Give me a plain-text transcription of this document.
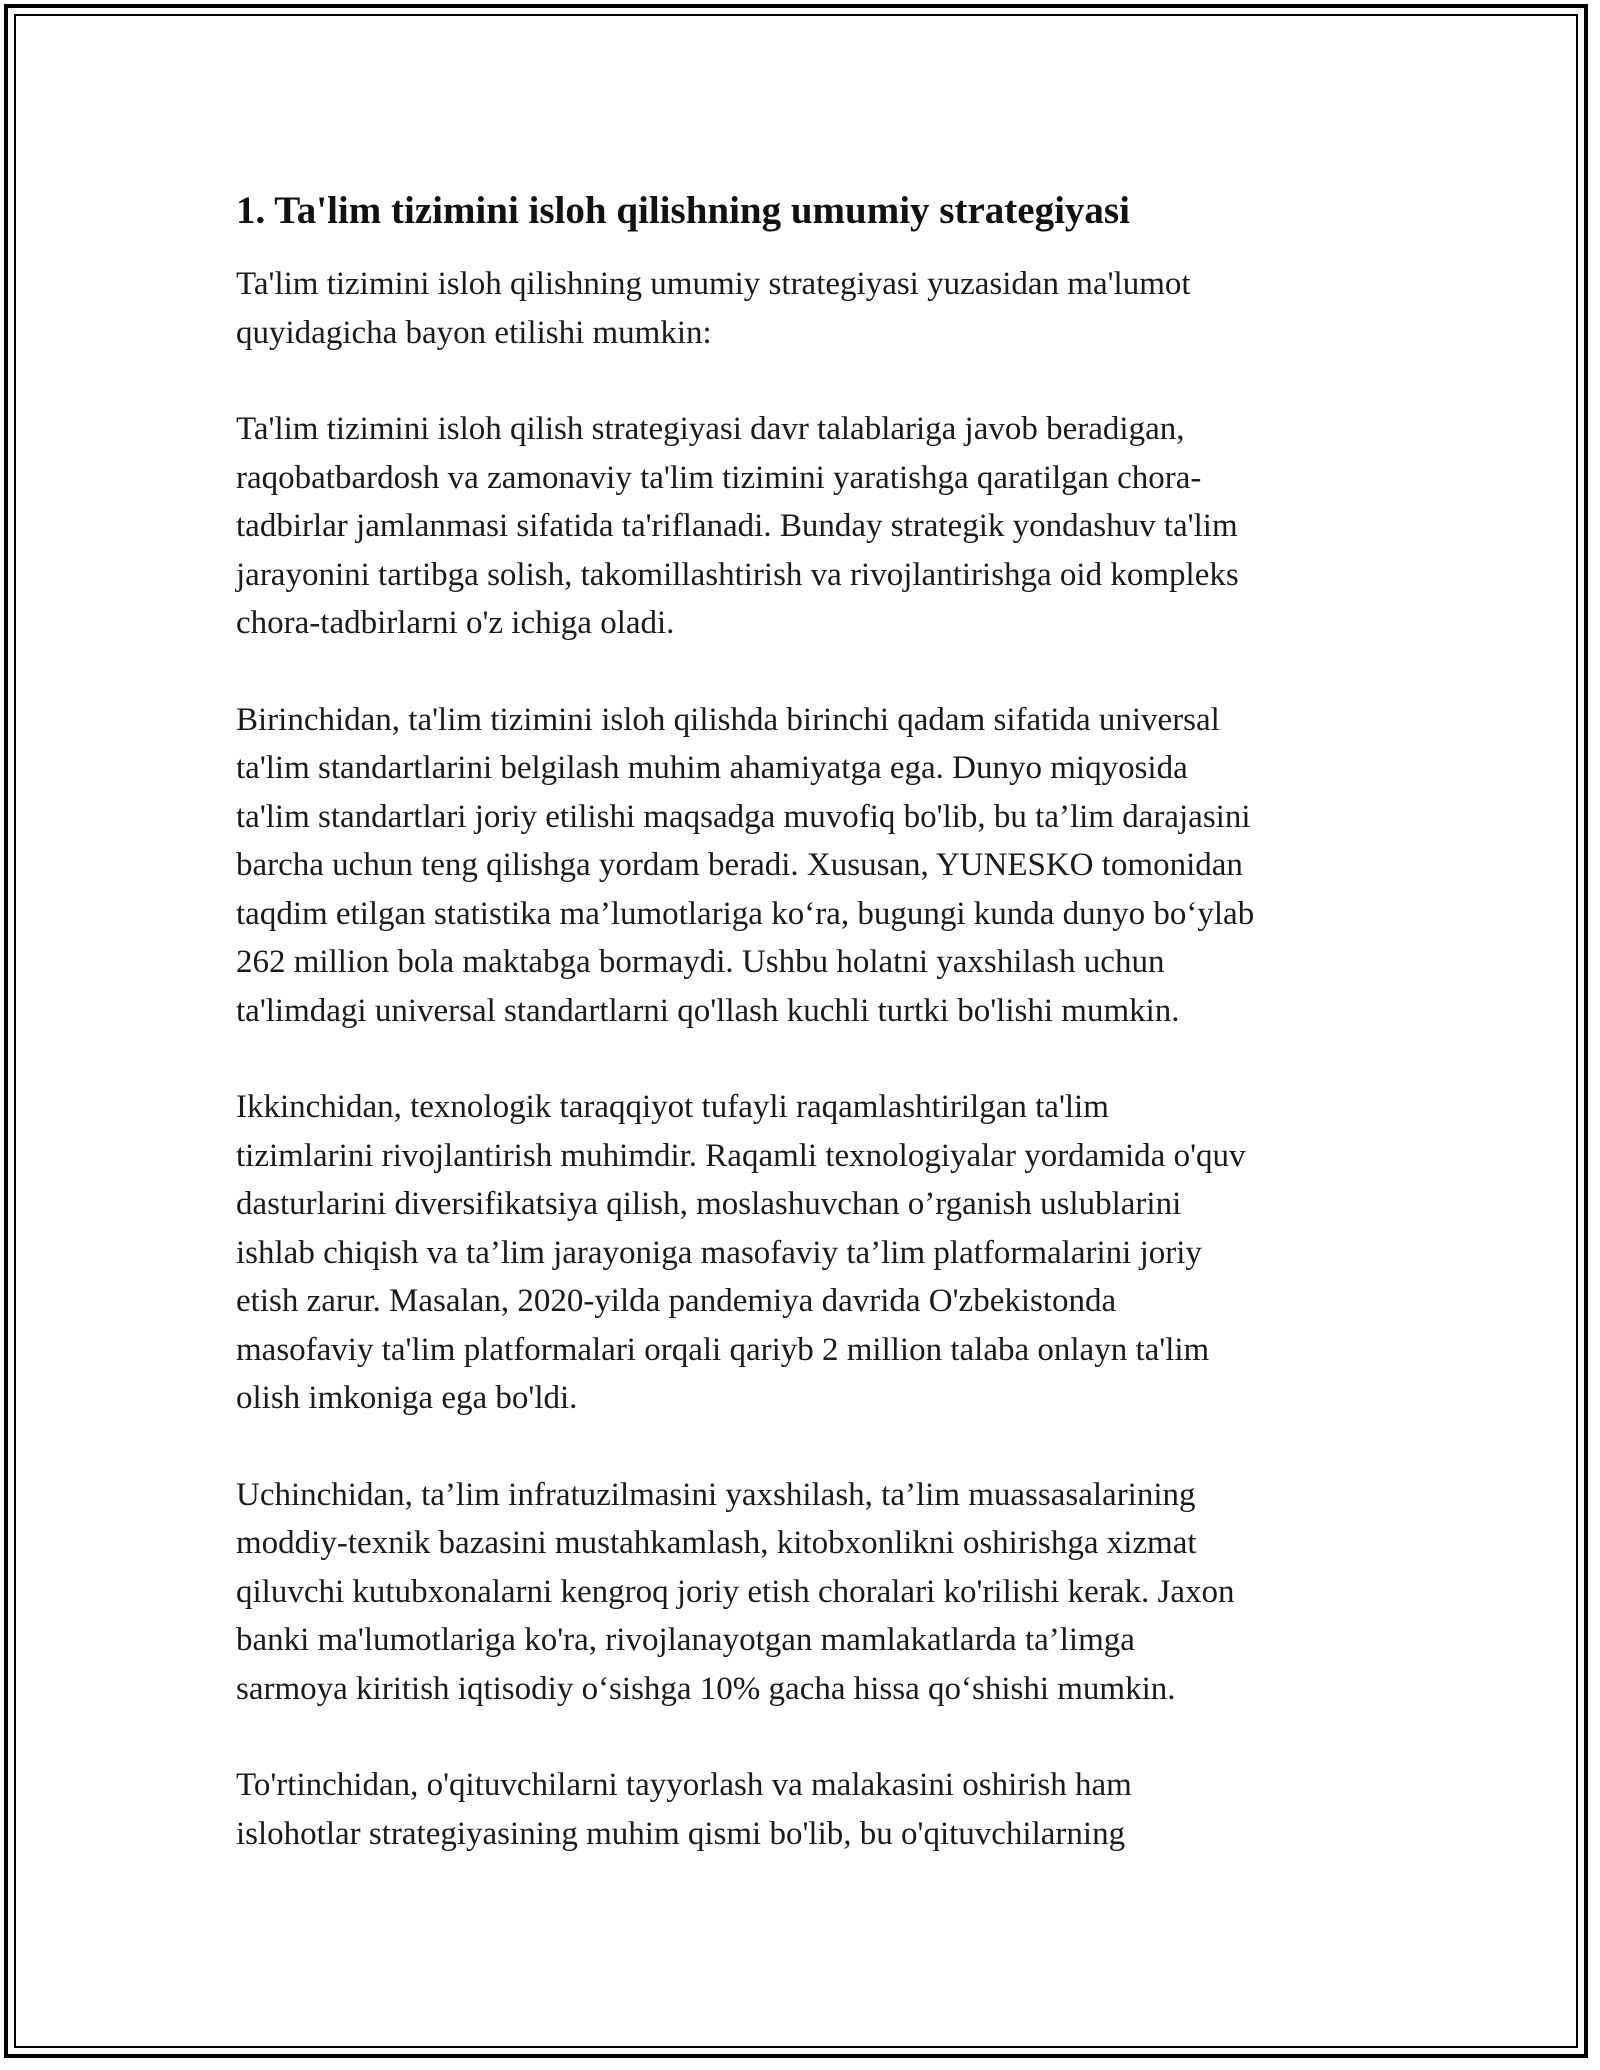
1. Ta'lim tizimini isloh qilishning umumiy strategiyasi

Ta'lim tizimini isloh qilishning umumiy strategiyasi yuzasidan ma'lumot
quyidagicha bayon etilishi mumkin:

Ta'lim tizimini isloh qilish strategiyasi davr talablariga javob beradigan,
raqobatbardosh va zamonaviy ta'lim tizimini yaratishga qaratilgan chora-
tadbirlar jamlanmasi sifatida ta'riflanadi. Bunday strategik yondashuv ta'lim
jarayonini tartibga solish, takomillashtirish va rivojlantirishga oid kompleks
chora-tadbirlarni o'z ichiga oladi.

Birinchidan, ta'lim tizimini isloh qilishda birinchi qadam sifatida universal
ta'lim standartlarini belgilash muhim ahamiyatga ega. Dunyo miqyosida
ta'lim standartlari joriy etilishi maqsadga muvofiq bo'lib, bu ta’lim darajasini
barcha uchun teng qilishga yordam beradi. Xususan, YUNESKO tomonidan
taqdim etilgan statistika ma’lumotlariga ko‘ra, bugungi kunda dunyo bo‘ylab
262 million bola maktabga bormaydi. Ushbu holatni yaxshilash uchun
ta'limdagi universal standartlarni qo'llash kuchli turtki bo'lishi mumkin.

Ikkinchidan, texnologik taraqqiyot tufayli raqamlashtirilgan ta'lim
tizimlarini rivojlantirish muhimdir. Raqamli texnologiyalar yordamida o'quv
dasturlarini diversifikatsiya qilish, moslashuvchan o’rganish uslublarini
ishlab chiqish va ta’lim jarayoniga masofaviy ta’lim platformalarini joriy
etish zarur. Masalan, 2020-yilda pandemiya davrida O'zbekistonda
masofaviy ta'lim platformalari orqali qariyb 2 million talaba onlayn ta'lim
olish imkoniga ega bo'ldi.

Uchinchidan, ta’lim infratuzilmasini yaxshilash, ta’lim muassasalarining
moddiy-texnik bazasini mustahkamlash, kitobxonlikni oshirishga xizmat
qiluvchi kutubxonalarni kengroq joriy etish choralari ko'rilishi kerak. Jaxon
banki ma'lumotlariga ko'ra, rivojlanayotgan mamlakatlarda ta’limga
sarmoya kiritish iqtisodiy o‘sishga 10% gacha hissa qo‘shishi mumkin.

To'rtinchidan, o'qituvchilarni tayyorlash va malakasini oshirish ham
islohotlar strategiyasining muhim qismi bo'lib, bu o'qituvchilarning
